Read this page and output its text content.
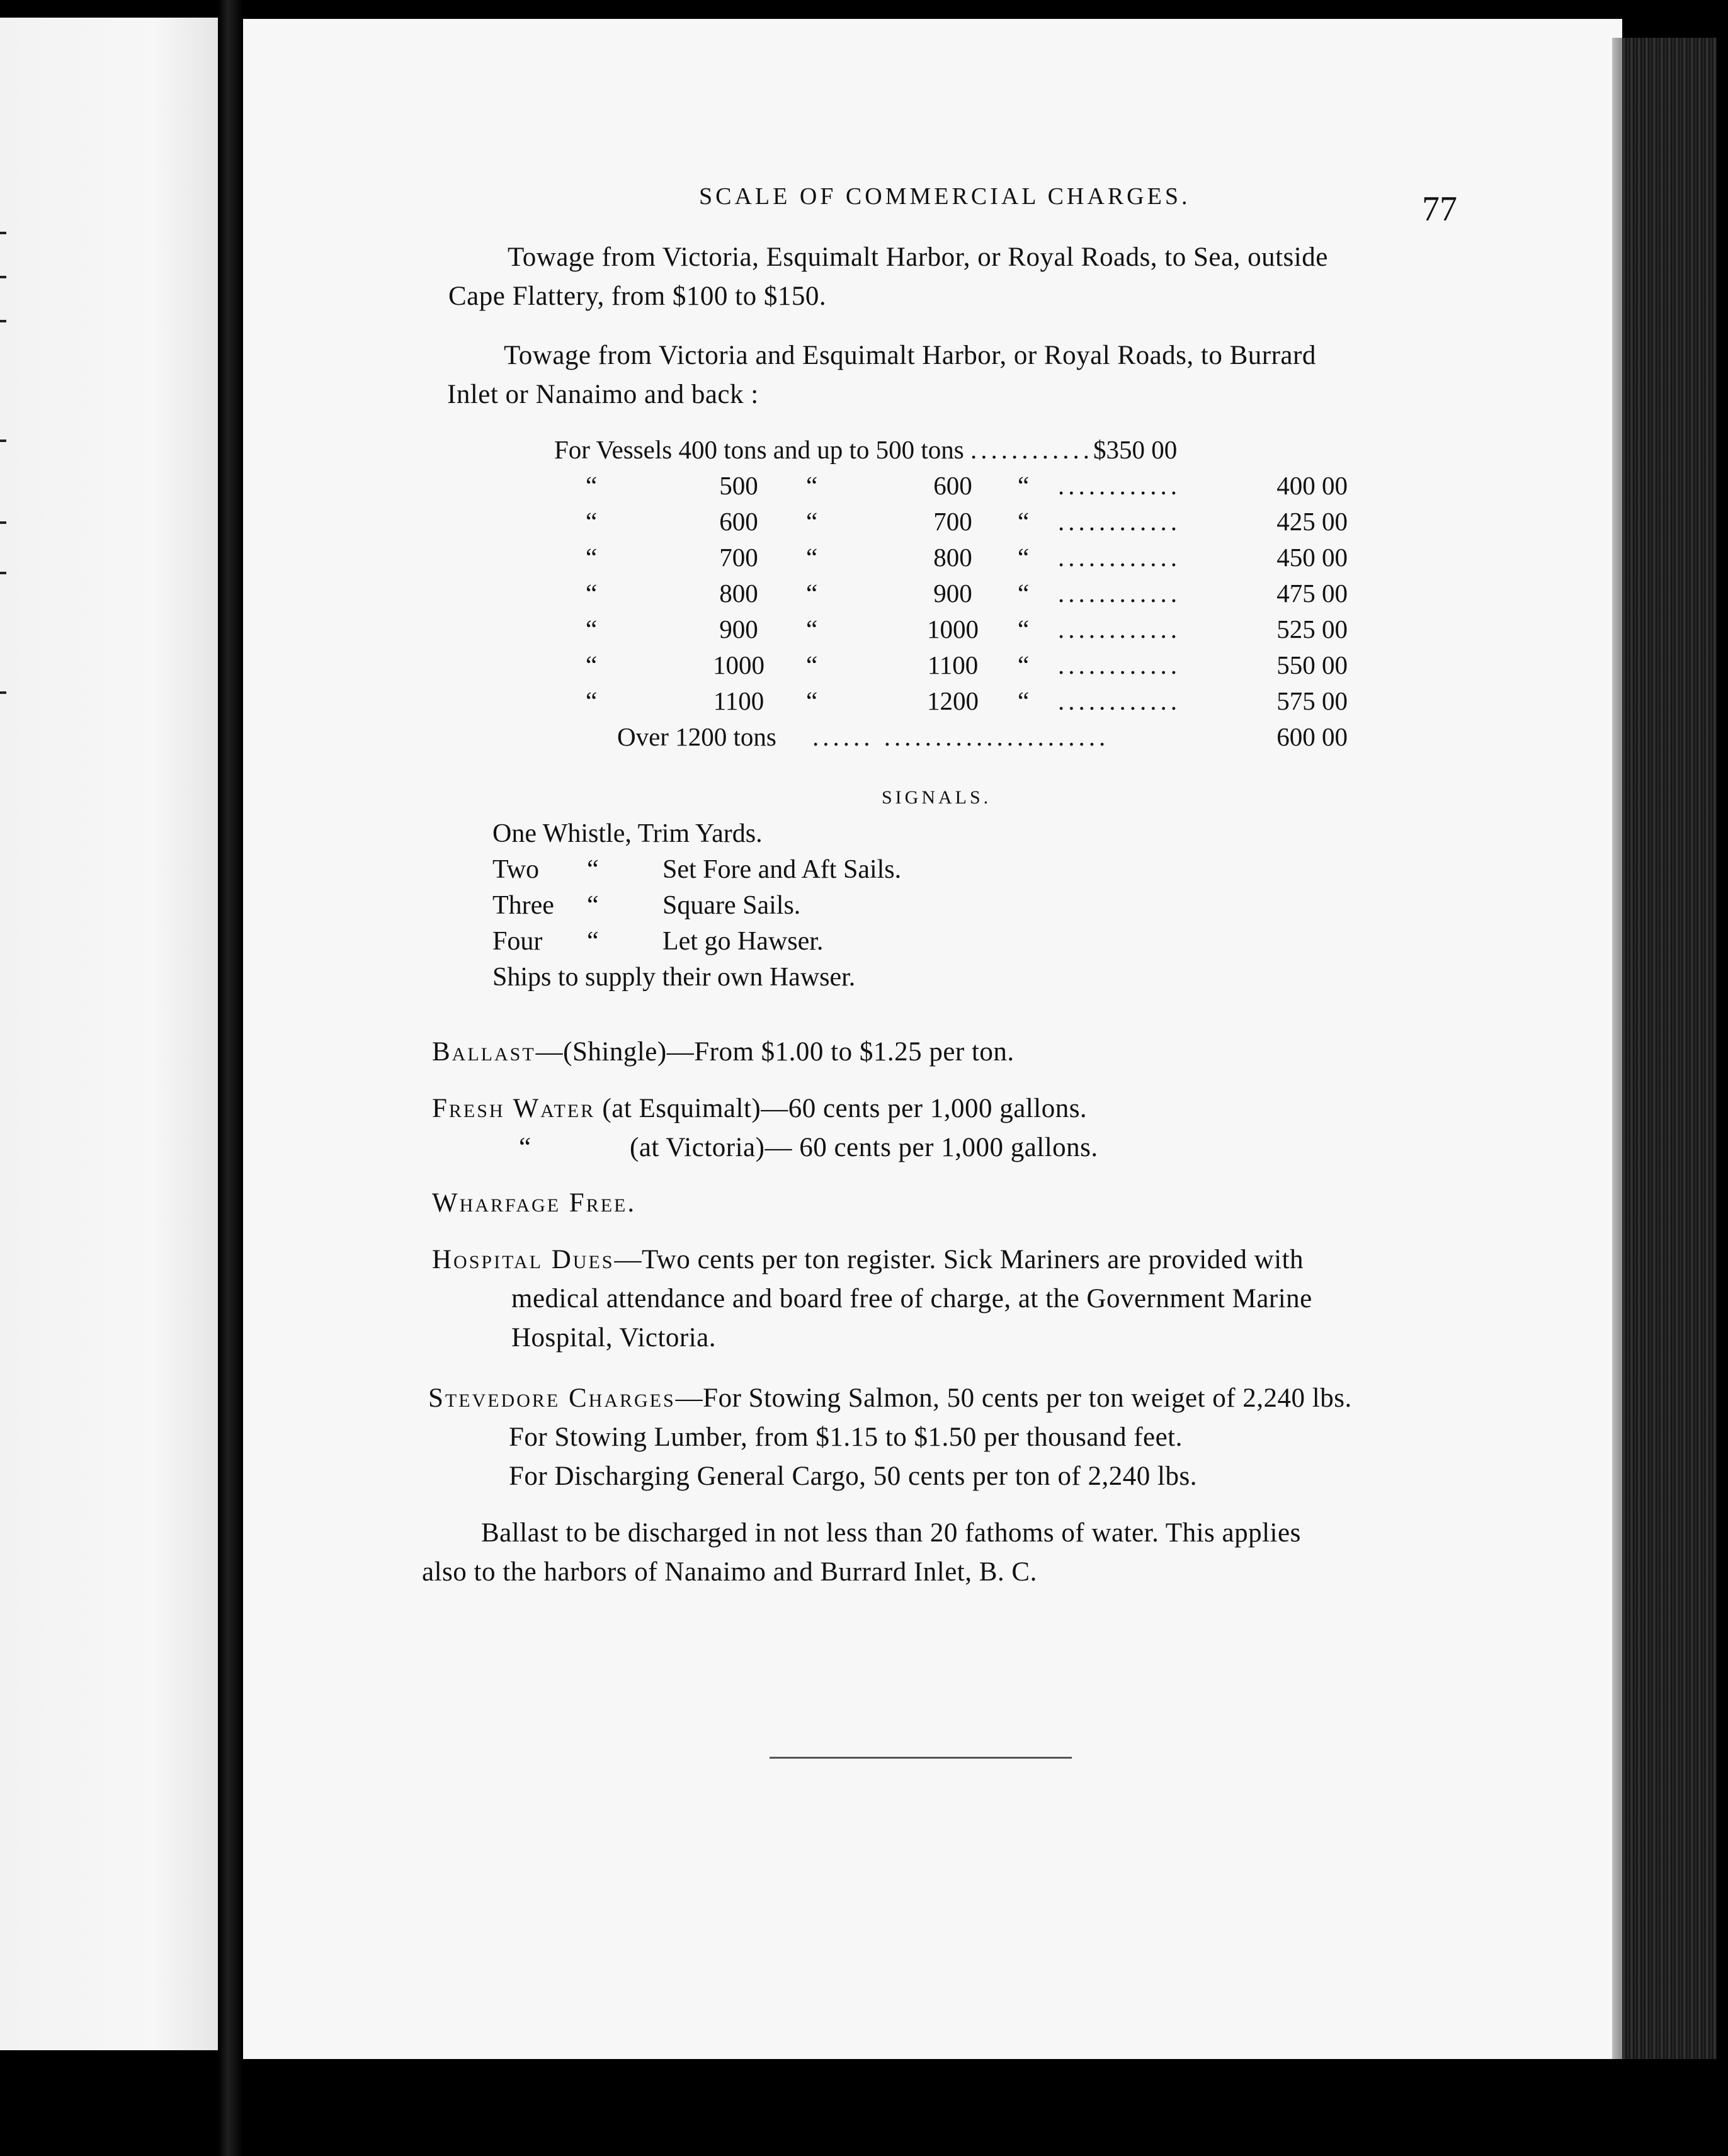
SCALE OF COMMERCIAL CHARGES.	77
Towage from Victoria, Esquimalt Harbor, or Royal Roads, to Sea, outside
Cape Flattery, from $100 to $150.
Towage from Victoria and Esquimalt Harbor, or Royal Roads, to Burrard
Inlet or Nanaimo and back :
For Vessels 400 tons and up to 500 tons ............$350 00
“	500	“	600	“ ............	400 00
“	600	“	700	“ ............	425 00
“	700	“	800	“ ............	450 00
“	800	“	900	“ ............	475 00
“	900	“	1000 “ ............	525 00
“	1000 “	1100 “ ............	550 00
“	1100 “	1200 “ ............	575 00
Over 1200 tons ...... ......................	600 00
SIGNALS.
One Whistle, Trim Yards.
Two “ Set Fore and Aft Sails.
Three “ Square Sails.
Four “ Let go Hawser.
Ships to supply their own Hawser.
Ballast—(Shingle)—From $1.00 to $1.25 per ton.
Fresh Water (at Esquimalt)—60 cents per 1,000 gallons.
“	(at Victoria)— 60 cents per 1,000 gallons.
Wharfage Free.
Hospital Dues—Two cents per ton register. Sick Mariners are provided with
medical attendance and board free of charge, at the Government Marine
Hospital, Victoria.
Stevedore Charges—For Stowing Salmon, 50 cents per ton weiget of 2,240 lbs.
For Stowing Lumber, from $1.15 to $1.50 per thousand feet.
For Discharging General Cargo, 50 cents per ton of 2,240 lbs.
Ballast to be discharged in not less than 20 fathoms of water. This applies
also to the harbors of Nanaimo and Burrard Inlet, B. C.
